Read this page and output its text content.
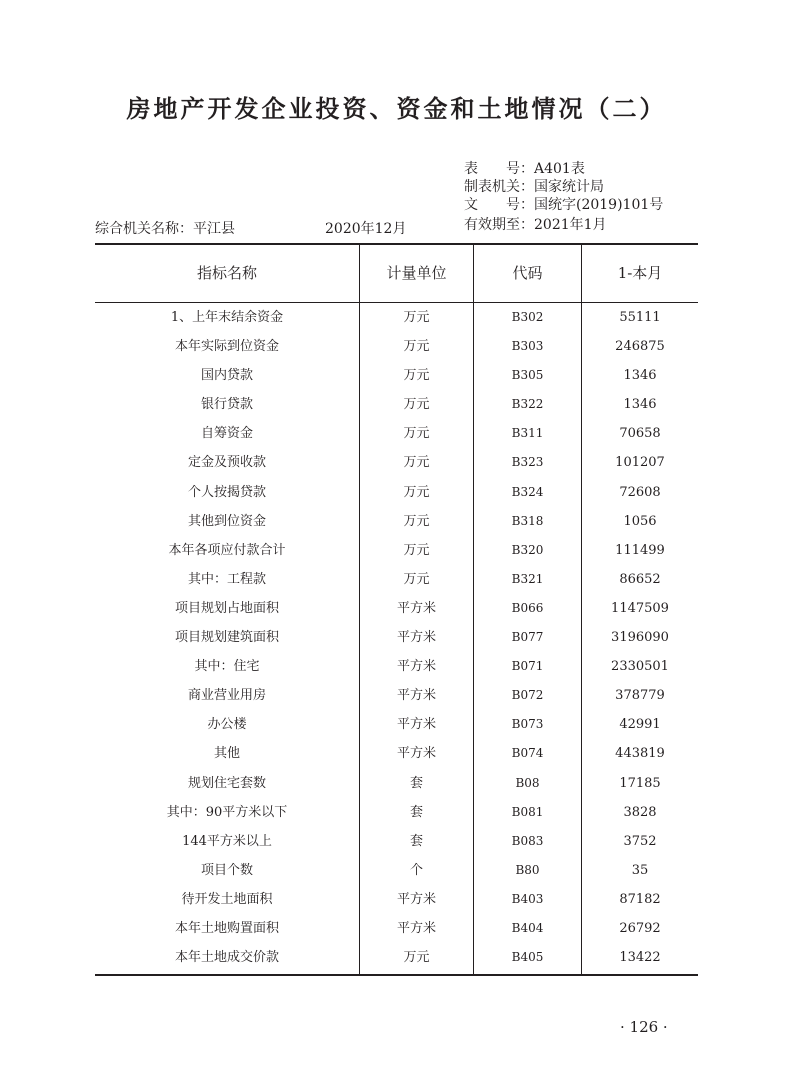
房地产开发企业投资、资金和土地情况（二）
表　　号：A401表
制表机关：国家统计局
文　　号：国统字(2019)101号
有效期至：2021年1月
综合机关名称：平江县	2020年12月
指标名称	计量单位	代码	1-本月
1、上年末结余资金	万元	B302	55111
本年实际到位资金	万元	B303	246875
国内贷款	万元	B305	1346
银行贷款	万元	B322	1346
自筹资金	万元	B311	70658
定金及预收款	万元	B323	101207
个人按揭贷款	万元	B324	72608
其他到位资金	万元	B318	1056
本年各项应付款合计	万元	B320	111499
其中：工程款	万元	B321	86652
项目规划占地面积	平方米	B066	1147509
项目规划建筑面积	平方米	B077	3196090
其中：住宅	平方米	B071	2330501
商业营业用房	平方米	B072	378779
办公楼	平方米	B073	42991
其他	平方米	B074	443819
规划住宅套数	套	B08	17185
其中：90平方米以下	套	B081	3828
144平方米以上	套	B083	3752
项目个数	个	B80	35
待开发土地面积	平方米	B403	87182
本年土地购置面积	平方米	B404	26792
本年土地成交价款	万元	B405	13422
· 126 ·
